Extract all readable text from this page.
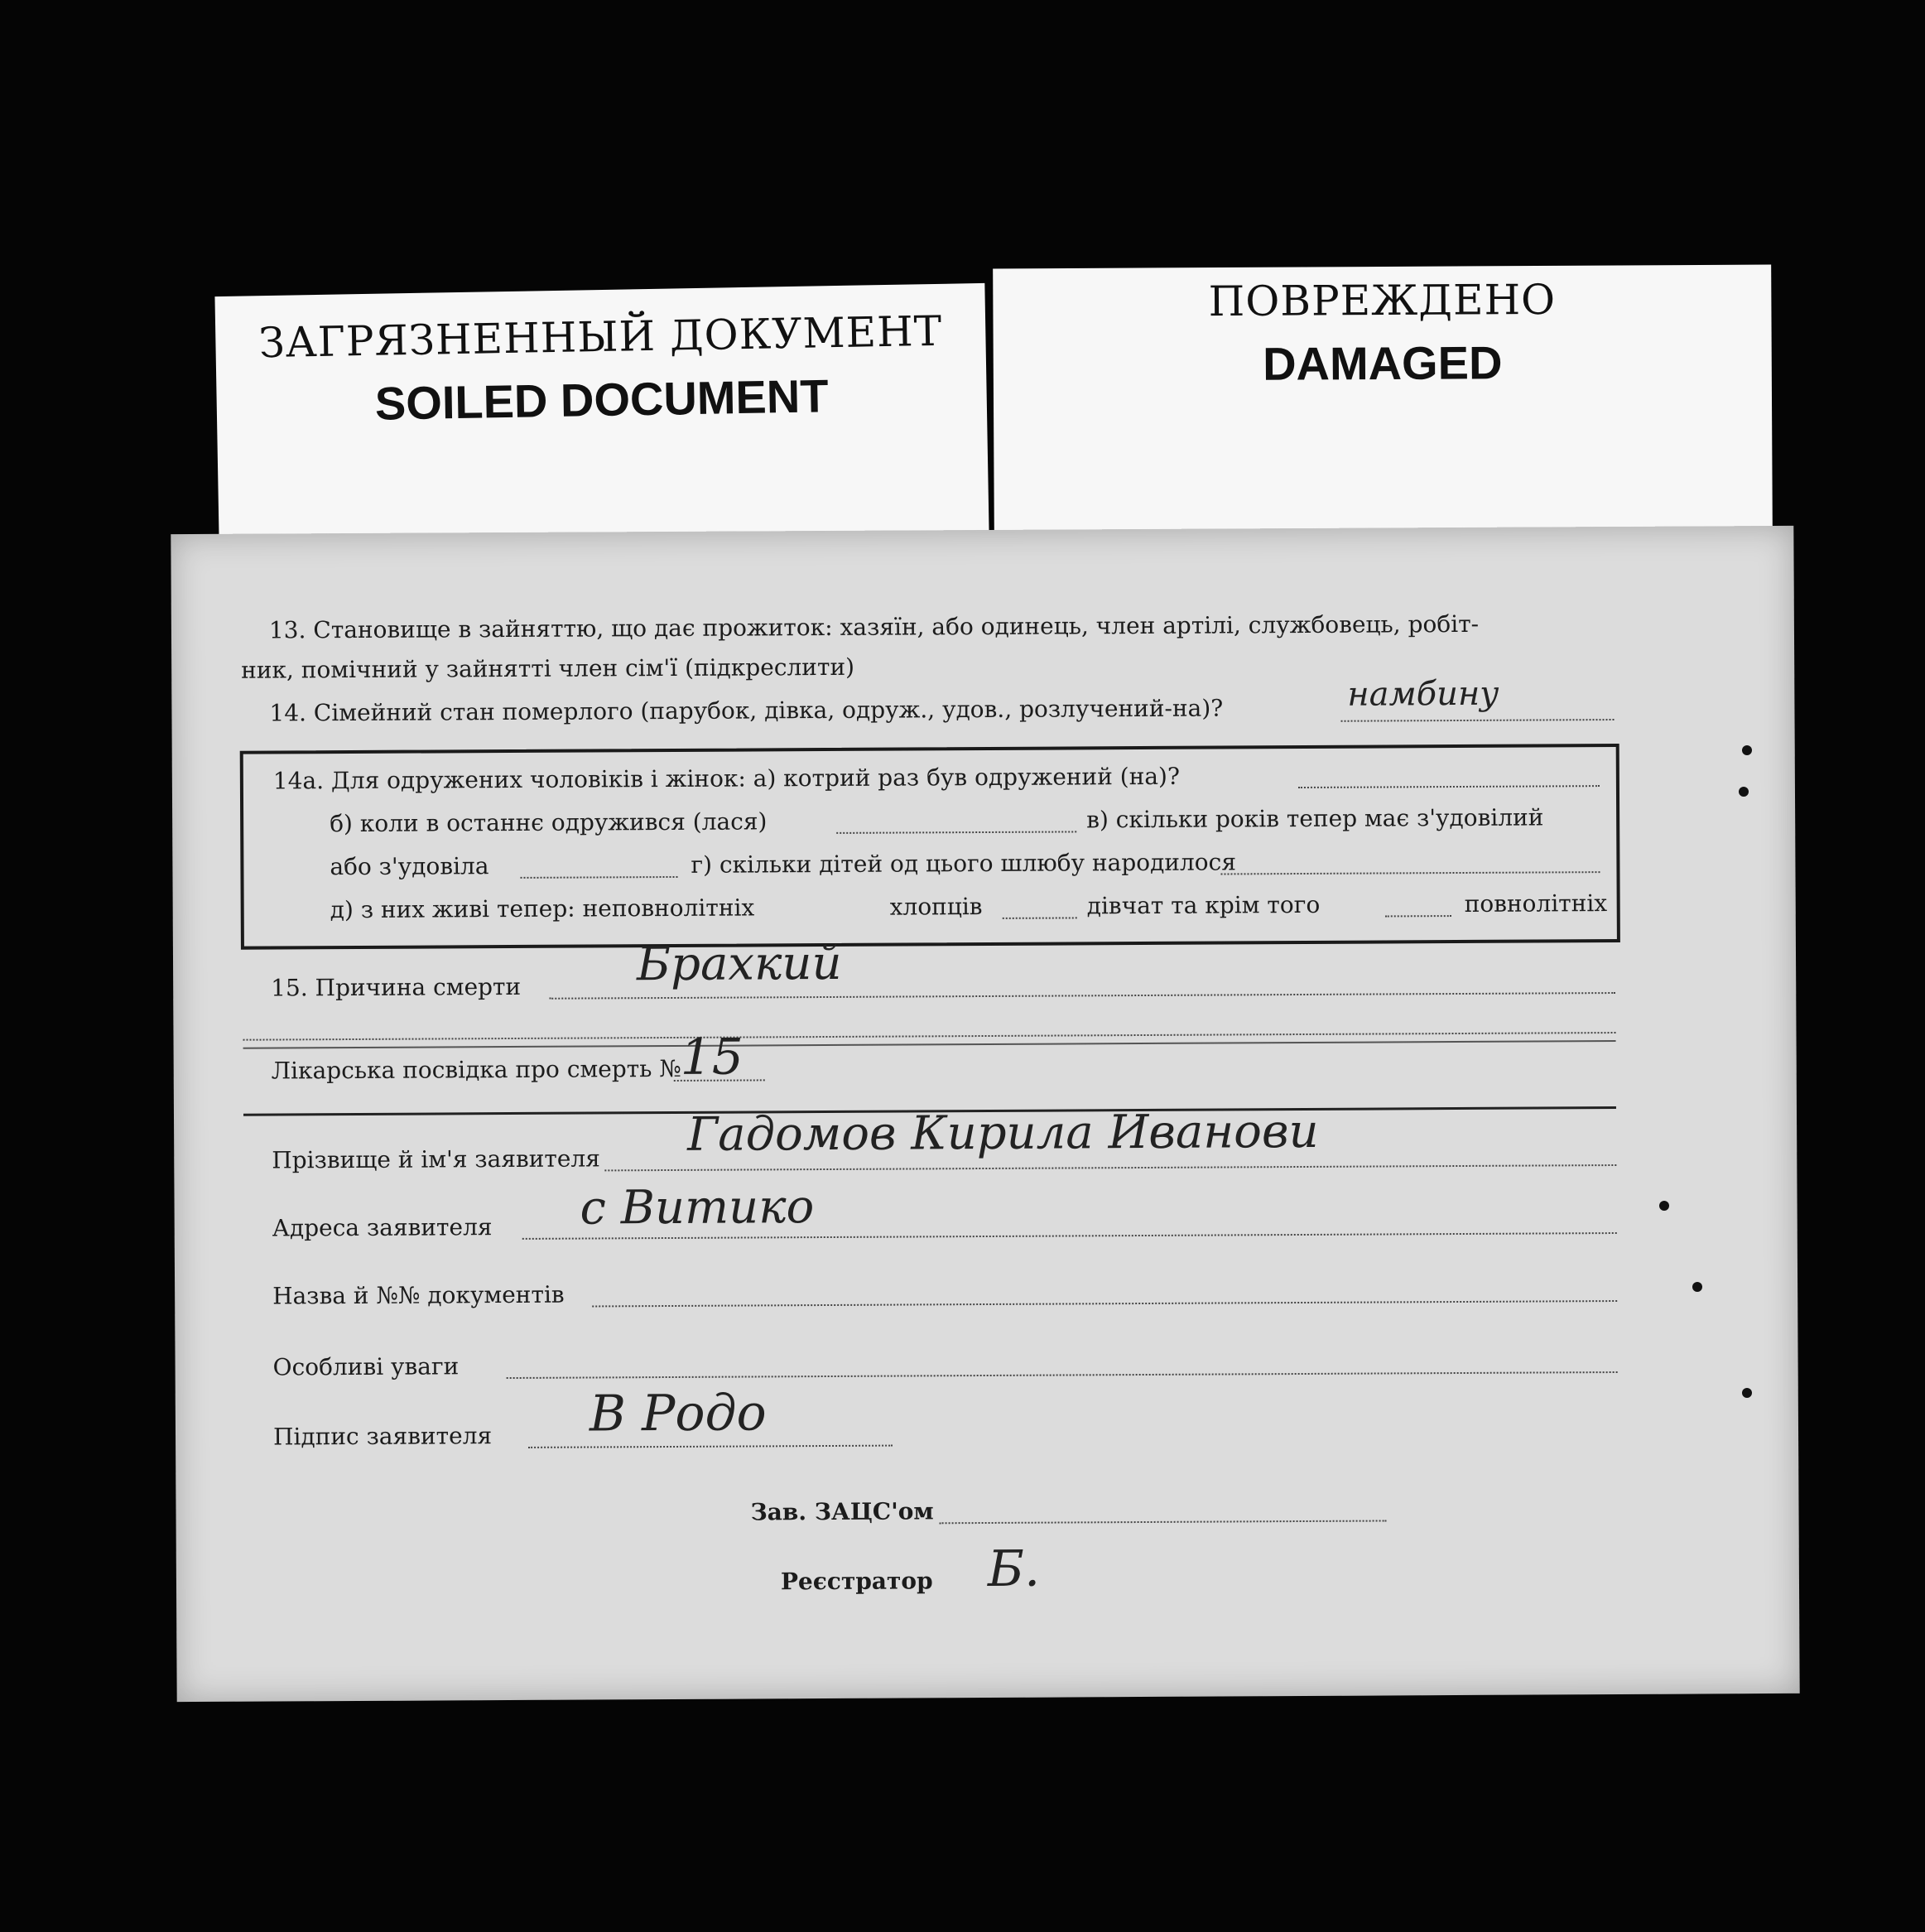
ЗАГРЯЗНЕННЫЙ ДОКУМЕНТ
SOILED DOCUMENT
ПОВРЕЖДЕНО
DAMAGED
13. Становище в зайняттю, що дає прожиток: хазяїн, або одинець, член артілі, службовець, робіт-
ник, помічний у зайнятті член сім'ї (підкреслити)
14. Сімейний стан померлого (парубок, дівка, одруж., удов., розлучений-на)?	намбину
14а. Для одружених чоловіків і жінок: а) котрий раз був одружений (на)?
б) коли в останнє одружився (лася)	в) скільки років тепер має з'удовілий
або з'удовіла	г) скільки дітей од цього шлюбу народилося
д) з них живі тепер: неповнолітніх	хлопців	дівчат та крім того	повнолітніх
15. Причина смерти Брахкий
Лікарська посвідка про смерть №
15
Прізвище й ім'я заявителя Гадомов Кирила Иванови
Адреса заявителя с Витико
Назва й №№ документів
Особливі уваги
Підпис заявителя В Родо
Зав. ЗАЦС'ом
Реєстратор Б.
